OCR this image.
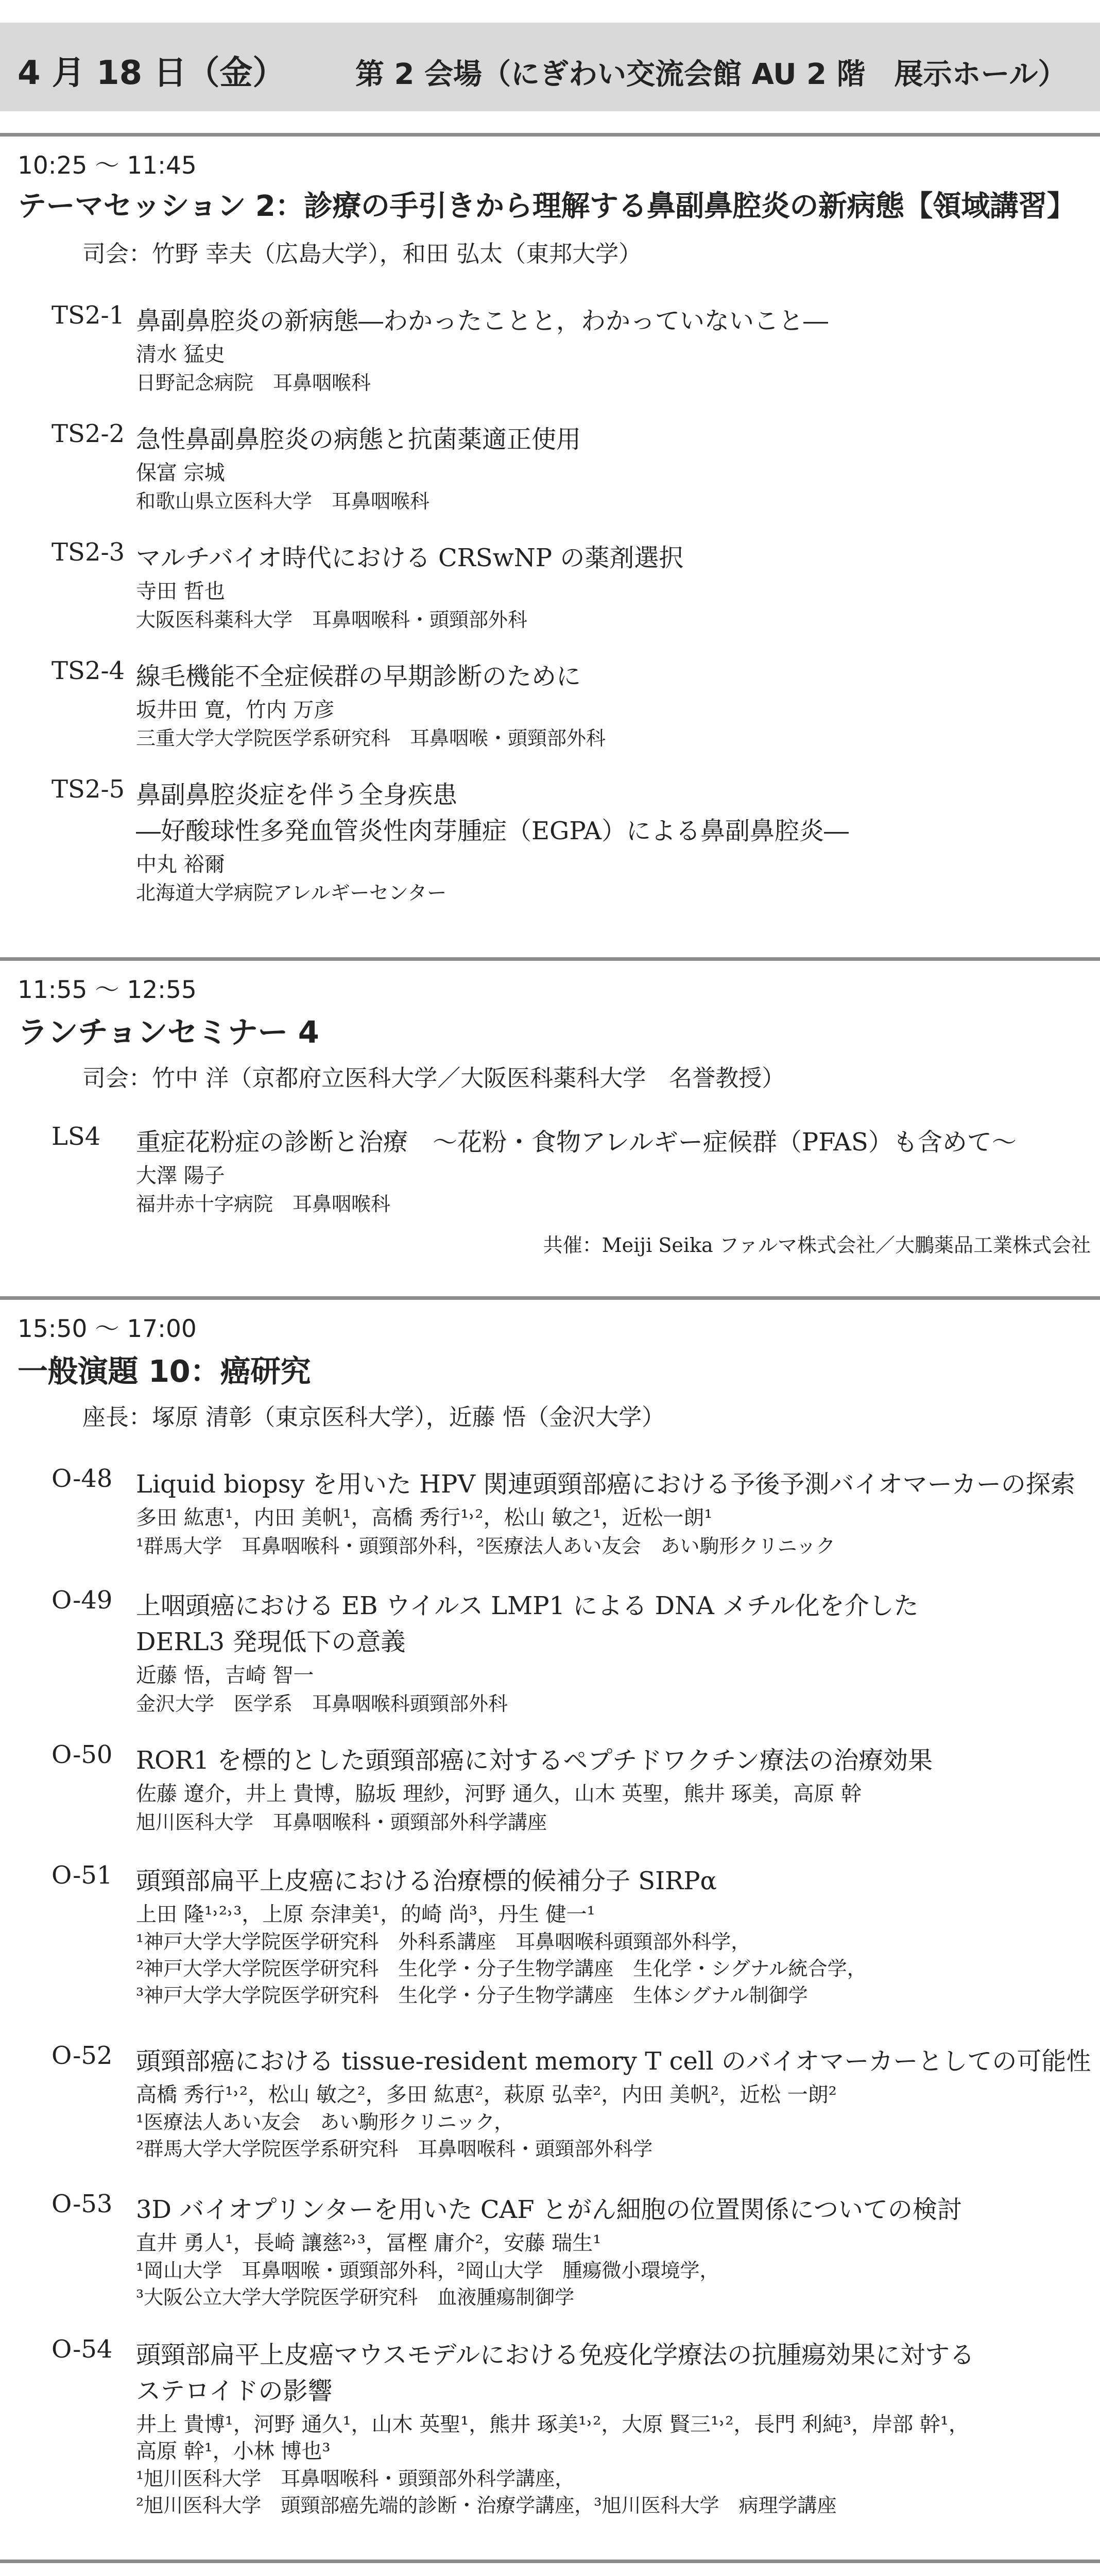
4 月 18 日（金） 第 2 会場（にぎわい交流会館 AU 2 階　展示ホール）
10:25 ～ 11:45
テーマセッション 2：診療の手引きから理解する鼻副鼻腔炎の新病態【領域講習】
司会：竹野 幸夫（広島大学），和田 弘太（東邦大学）
TS2-1 鼻副鼻腔炎の新病態―わかったことと，わかっていないこと―
清水 猛史
日野記念病院　耳鼻咽喉科
TS2-2 急性鼻副鼻腔炎の病態と抗菌薬適正使用
保富 宗城
和歌山県立医科大学　耳鼻咽喉科
TS2-3 マルチバイオ時代における CRSwNP の薬剤選択
寺田 哲也
大阪医科薬科大学　耳鼻咽喉科・頭頸部外科
TS2-4 線毛機能不全症候群の早期診断のために
坂井田 寛，竹内 万彦
三重大学大学院医学系研究科　耳鼻咽喉・頭頸部外科
TS2-5 鼻副鼻腔炎症を伴う全身疾患
―好酸球性多発血管炎性肉芽腫症（EGPA）による鼻副鼻腔炎―
中丸 裕爾
北海道大学病院アレルギーセンター
11:55 ～ 12:55
ランチョンセミナー 4
司会：竹中 洋（京都府立医科大学／大阪医科薬科大学　名誉教授）
LS4 重症花粉症の診断と治療　～花粉・食物アレルギー症候群（PFAS）も含めて～
大澤 陽子
福井赤十字病院　耳鼻咽喉科
共催：Meiji Seika ファルマ株式会社／大鵬薬品工業株式会社
15:50 ～ 17:00
一般演題 10：癌研究
座長：塚原 清彰（東京医科大学），近藤 悟（金沢大学）
O-48 Liquid biopsy を用いた HPV 関連頭頸部癌における予後予測バイオマーカーの探索
多田 紘恵¹，内田 美帆¹，高橋 秀行¹˒²，松山 敏之¹，近松一朗¹
¹群馬大学　耳鼻咽喉科・頭頸部外科，²医療法人あい友会　あい駒形クリニック
O-49 上咽頭癌における EB ウイルス LMP1 による DNA メチル化を介した
DERL3 発現低下の意義
近藤 悟，吉崎 智一
金沢大学　医学系　耳鼻咽喉科頭頸部外科
O-50 ROR1 を標的とした頭頸部癌に対するペプチドワクチン療法の治療効果
佐藤 遼介，井上 貴博，脇坂 理紗，河野 通久，山木 英聖，熊井 琢美，高原 幹
旭川医科大学　耳鼻咽喉科・頭頸部外科学講座
O-51 頭頸部扁平上皮癌における治療標的候補分子 SIRPα
上田 隆¹˒²˒³，上原 奈津美¹，的崎 尚³，丹生 健一¹
¹神戸大学大学院医学研究科　外科系講座　耳鼻咽喉科頭頸部外科学，
²神戸大学大学院医学研究科　生化学・分子生物学講座　生化学・シグナル統合学，
³神戸大学大学院医学研究科　生化学・分子生物学講座　生体シグナル制御学
O-52 頭頸部癌における tissue-resident memory T cell のバイオマーカーとしての可能性
高橋 秀行¹˒²，松山 敏之²，多田 紘恵²，萩原 弘幸²，内田 美帆²，近松 一朗²
¹医療法人あい友会　あい駒形クリニック，
²群馬大学大学院医学系研究科　耳鼻咽喉科・頭頸部外科学
O-53 3D バイオプリンターを用いた CAF とがん細胞の位置関係についての検討
直井 勇人¹，長崎 讓慈²˒³，冨樫 庸介²，安藤 瑞生¹
¹岡山大学　耳鼻咽喉・頭頸部外科，²岡山大学　腫瘍微小環境学，
³大阪公立大学大学院医学研究科　血液腫瘍制御学
O-54 頭頸部扁平上皮癌マウスモデルにおける免疫化学療法の抗腫瘍効果に対する
ステロイドの影響
井上 貴博¹，河野 通久¹，山木 英聖¹，熊井 琢美¹˒²，大原 賢三¹˒²，長門 利純³，岸部 幹¹，
高原 幹¹，小林 博也³
¹旭川医科大学　耳鼻咽喉科・頭頸部外科学講座，
²旭川医科大学　頭頸部癌先端的診断・治療学講座，³旭川医科大学　病理学講座
